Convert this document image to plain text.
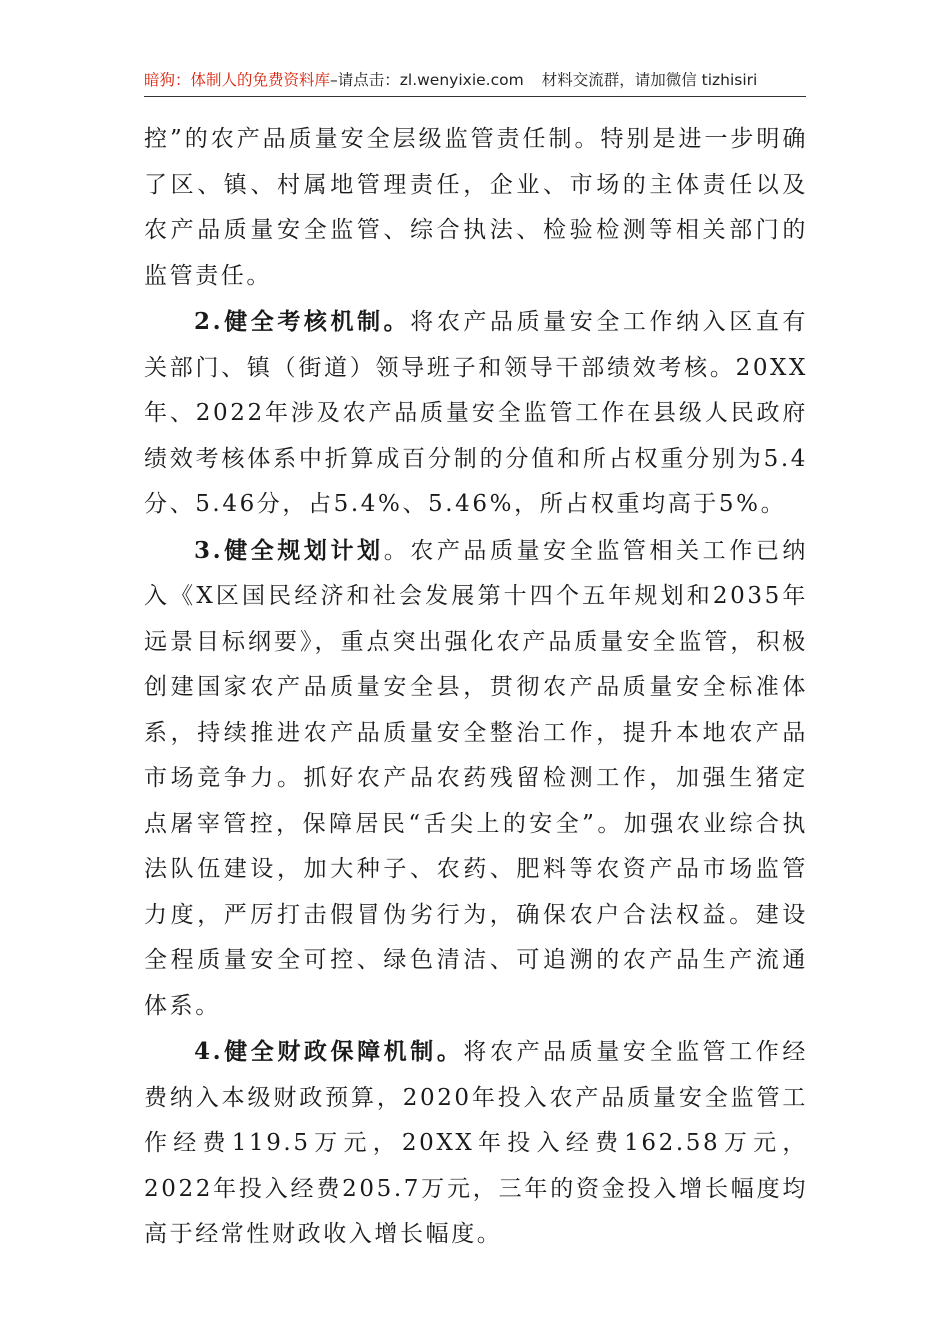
暗狗：体制人的免费资料库–请点击：zl.wenyixie.com 材料交流群，请加微信 tizhisiri

控”的农产品质量安全层级监管责任制。特别是进一步明确了区、镇、村属地管理责任，企业、市场的主体责任以及农产品质量安全监管、综合执法、检验检测等相关部门的监管责任。

2.健全考核机制。将农产品质量安全工作纳入区直有关部门、镇（街道）领导班子和领导干部绩效考核。20XX年、2022年涉及农产品质量安全监管工作在县级人民政府绩效考核体系中折算成百分制的分值和所占权重分别为5.4分、5.46分，占5.4%、5.46%，所占权重均高于5%。

3.健全规划计划。农产品质量安全监管相关工作已纳入《X区国民经济和社会发展第十四个五年规划和2035年远景目标纲要》，重点突出强化农产品质量安全监管，积极创建国家农产品质量安全县，贯彻农产品质量安全标准体系，持续推进农产品质量安全整治工作，提升本地农产品市场竞争力。抓好农产品农药残留检测工作，加强生猪定点屠宰管控，保障居民“舌尖上的安全”。加强农业综合执法队伍建设，加大种子、农药、肥料等农资产品市场监管力度，严厉打击假冒伪劣行为，确保农户合法权益。建设全程质量安全可控、绿色清洁、可追溯的农产品生产流通体系。

4.健全财政保障机制。将农产品质量安全监管工作经费纳入本级财政预算，2020年投入农产品质量安全监管工作经费119.5万元，20XX年投入经费162.58万元，2022年投入经费205.7万元，三年的资金投入增长幅度均高于经常性财政收入增长幅度。
